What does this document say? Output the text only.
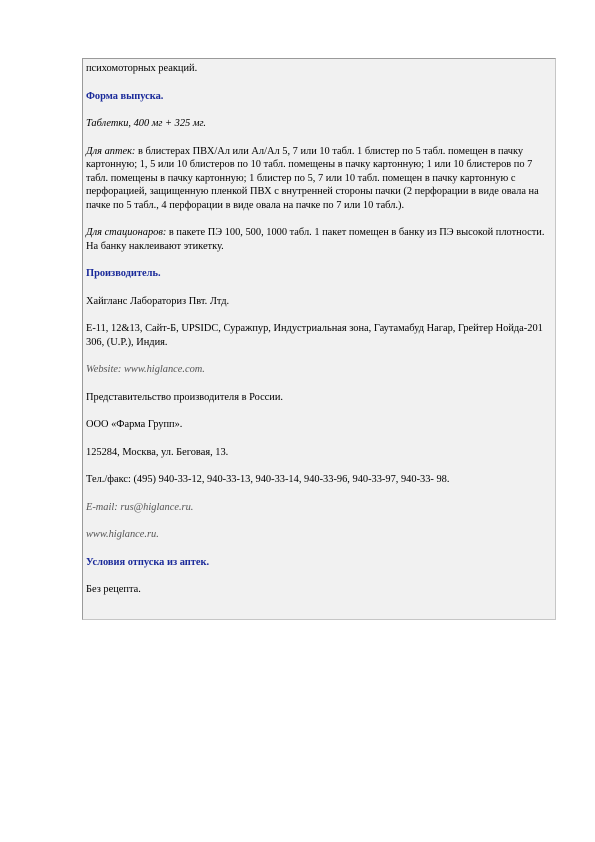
психомоторных реакций.

Форма выпуска.

Таблетки, 400 мг + 325 мг.

Для аптек: в блистерах ПВХ/Ал или Ал/Ал 5, 7 или 10 табл. 1 блистер по 5 табл. помещен в пачку картонную; 1, 5 или 10 блистеров по 10 табл. помещены в пачку картонную; 1 или 10 блистеров по 7 табл. помещены в пачку картонную; 1 блистер по 5, 7 или 10 табл. помещен в пачку картонную с перфорацией, защищенную пленкой ПВХ с внутренней стороны пачки (2 перфорации в виде овала на пачке по 5 табл., 4 перфорации в виде овала на пачке по 7 или 10 табл.).

Для стационаров: в пакете ПЭ 100, 500, 1000 табл. 1 пакет помещен в банку из ПЭ высокой плотности. На банку наклеивают этикетку.

Производитель.

Хайгланс Лабораториз Пвт. Лтд.

Е-11, 12&13, Сайт-Б, UPSIDC, Суражпур, Индустриальная зона, Гаутамабуд Нагар, Грейтер Нойда-201 306, (U.P.), Индия.

Website: www.higlance.com.

Представительство производителя в России.

ООО «Фарма Групп».

125284, Москва, ул. Беговая, 13.

Тел./факс: (495) 940-33-12, 940-33-13, 940-33-14, 940-33-96, 940-33-97, 940-33- 98.

E-mail: rus@higlance.ru.

www.higlance.ru.

Условия отпуска из аптек.

Без рецепта.
